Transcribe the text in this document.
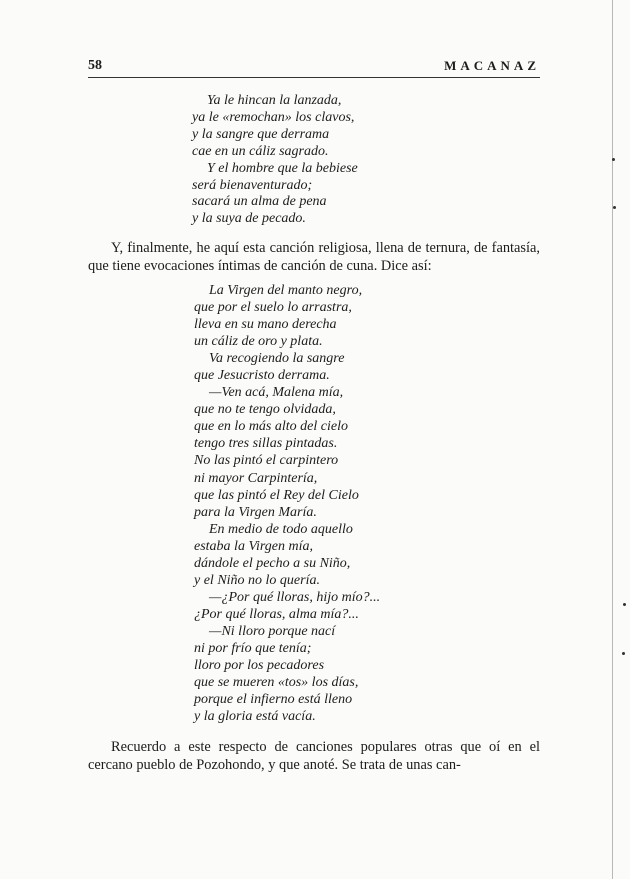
58	MACANAZ
Ya le hincan la lanzada,
ya le «remochan» los clavos,
y la sangre que derrama
cae en un cáliz sagrado.
Y el hombre que la bebiese
será bienaventurado;
sacará un alma de pena
y la suya de pecado.

Y, finalmente, he aquí esta canción religiosa, llena de ternura, de fantasía, que tiene evocaciones íntimas de canción de cuna. Dice así:

La Virgen del manto negro,
que por el suelo lo arrastra,
lleva en su mano derecha
un cáliz de oro y plata.
Va recogiendo la sangre
que Jesucristo derrama.
—Ven acá, Malena mía,
que no te tengo olvidada,
que en lo más alto del cielo
tengo tres sillas pintadas.
No las pintó el carpintero
ni mayor Carpintería,
que las pintó el Rey del Cielo
para la Virgen María.
En medio de todo aquello
estaba la Virgen mía,
dándole el pecho a su Niño,
y el Niño no lo quería.
—¿Por qué lloras, hijo mío?...
¿Por qué lloras, alma mía?...
—Ni lloro porque nací
ni por frío que tenía;
lloro por los pecadores
que se mueren «tos» los días,
porque el infierno está lleno
y la gloria está vacía.

Recuerdo a este respecto de canciones populares otras que oí en el cercano pueblo de Pozohondo, y que anoté. Se trata de unas can-
